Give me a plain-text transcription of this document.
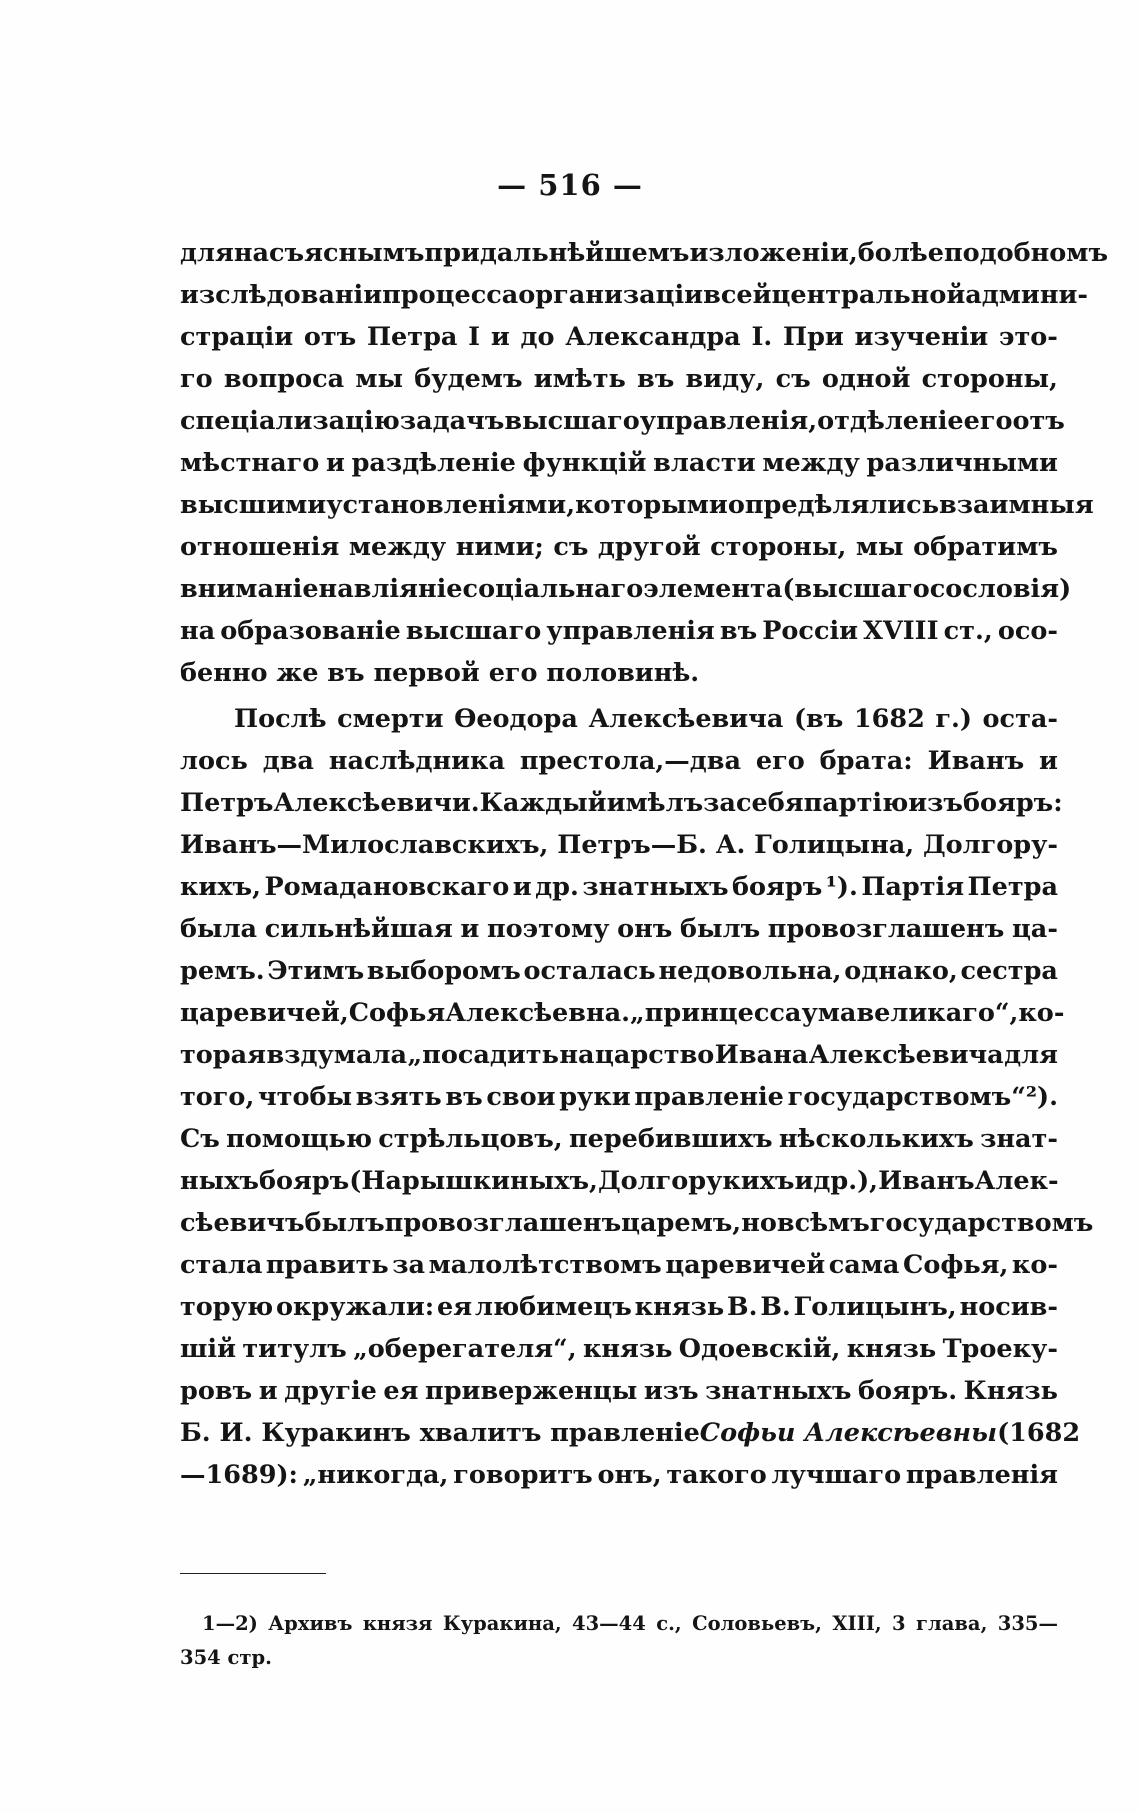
— 516 —
для насъ яснымъ при дальнѣйшемъ изложеніи, болѣе подобномъ
изслѣдованіи процесса организаціи всей центральной админи-
страціи отъ Петра I и до Александра I. При изученіи это-
го вопроса мы будемъ имѣть въ виду, съ одной стороны,
спеціализацію задачъ высшаго управленія, отдѣленіе его отъ
мѣстнаго и раздѣленіе функцій власти между различными
высшими установленіями, которыми опредѣлялись взаимныя
отношенія между ними; съ другой стороны, мы обратимъ
вниманіе на вліяніе соціальнаго элемента (высшаго сословія)
на образованіе высшаго управленія въ Россіи XVIII ст., осо-
бенно же въ первой его половинѣ.
Послѣ смерти Ѳеодора Алексѣевича (въ 1682 г.) оста-
лось два наслѣдника престола,—два его брата: Иванъ и
Петръ Алексѣевичи. Каждый имѣлъ за себя партію изъ бояръ:
Иванъ—Милославскихъ, Петръ—Б. А. Голицына, Долгору-
кихъ, Ромадановскаго и др. знатныхъ бояръ ¹). Партія Петра
была сильнѣйшая и поэтому онъ былъ провозглашенъ ца-
ремъ. Этимъ выборомъ осталась недовольна, однако, сестра
царевичей, Софья Алексѣевна. „принцесса ума великаго“, ко-
торая вздумала „посадить на царство Ивана Алексѣевича для
того, чтобы взять въ свои руки правленіе государствомъ“²).
Съ помощью стрѣльцовъ, перебившихъ нѣсколькихъ знат-
ныхъ бояръ (Нарышкиныхъ, Долгорукихъ и др.), Иванъ Алек-
сѣевичъ былъ провозглашенъ царемъ, но всѣмъ государствомъ
стала править за малолѣтствомъ царевичей сама Софья, ко-
торую окружали: ея любимецъ князь В. В. Голицынъ, носив-
шій титулъ „оберегателя“, князь Одоевскій, князь Троеку-
ровъ и другіе ея приверженцы изъ знатныхъ бояръ. Князь
Б. И. Куракинъ хвалитъ правленіе Софьи Алексѣевны (1682
—1689): „никогда, говоритъ онъ, такого лучшаго правленія
1—2) Архивъ князя Куракина, 43—44 с., Соловьевъ, XIII, 3 глава, 335—
354 стр.
